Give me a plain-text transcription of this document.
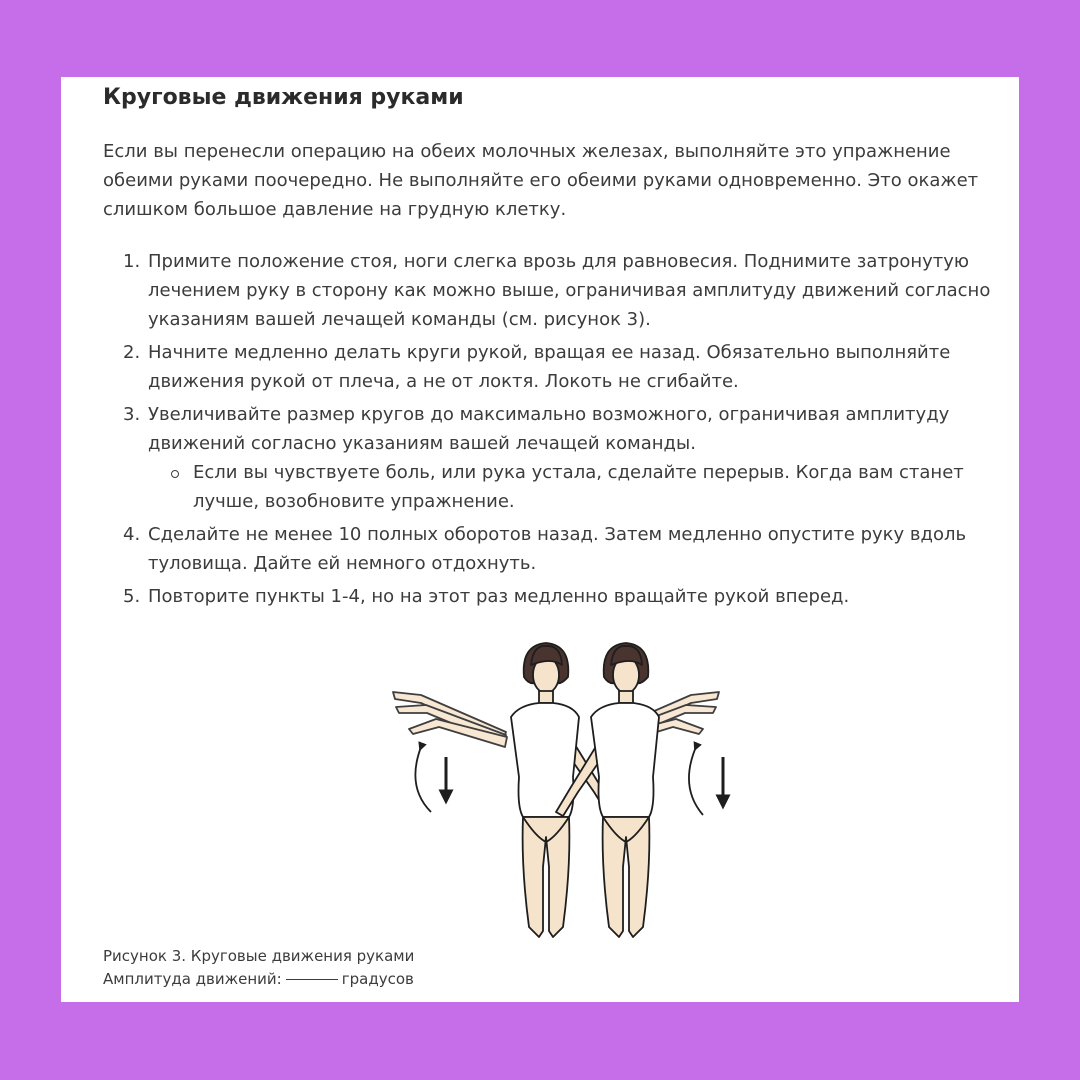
Круговые движения руками

Если вы перенесли операцию на обеих молочных железах, выполняйте это упражнение обеими руками поочередно. Не выполняйте его обеими руками одновременно. Это окажет слишком большое давление на грудную клетку.

1. Примите положение стоя, ноги слегка врозь для равновесия. Поднимите затронутую лечением руку в сторону как можно выше, ограничивая амплитуду движений согласно указаниям вашей лечащей команды (см. рисунок 3).
2. Начните медленно делать круги рукой, вращая ее назад. Обязательно выполняйте движения рукой от плеча, а не от локтя. Локоть не сгибайте.
3. Увеличивайте размер кругов до максимально возможного, ограничивая амплитуду движений согласно указаниям вашей лечащей команды.
Если вы чувствуете боль, или рука устала, сделайте перерыв. Когда вам станет лучше, возобновите упражнение.
4. Сделайте не менее 10 полных оборотов назад. Затем медленно опустите руку вдоль туловища. Дайте ей немного отдохнуть.
5. Повторите пункты 1-4, но на этот раз медленно вращайте рукой вперед.
Рисунок 3. Круговые движения руками
Амплитуда движений:	градусов
